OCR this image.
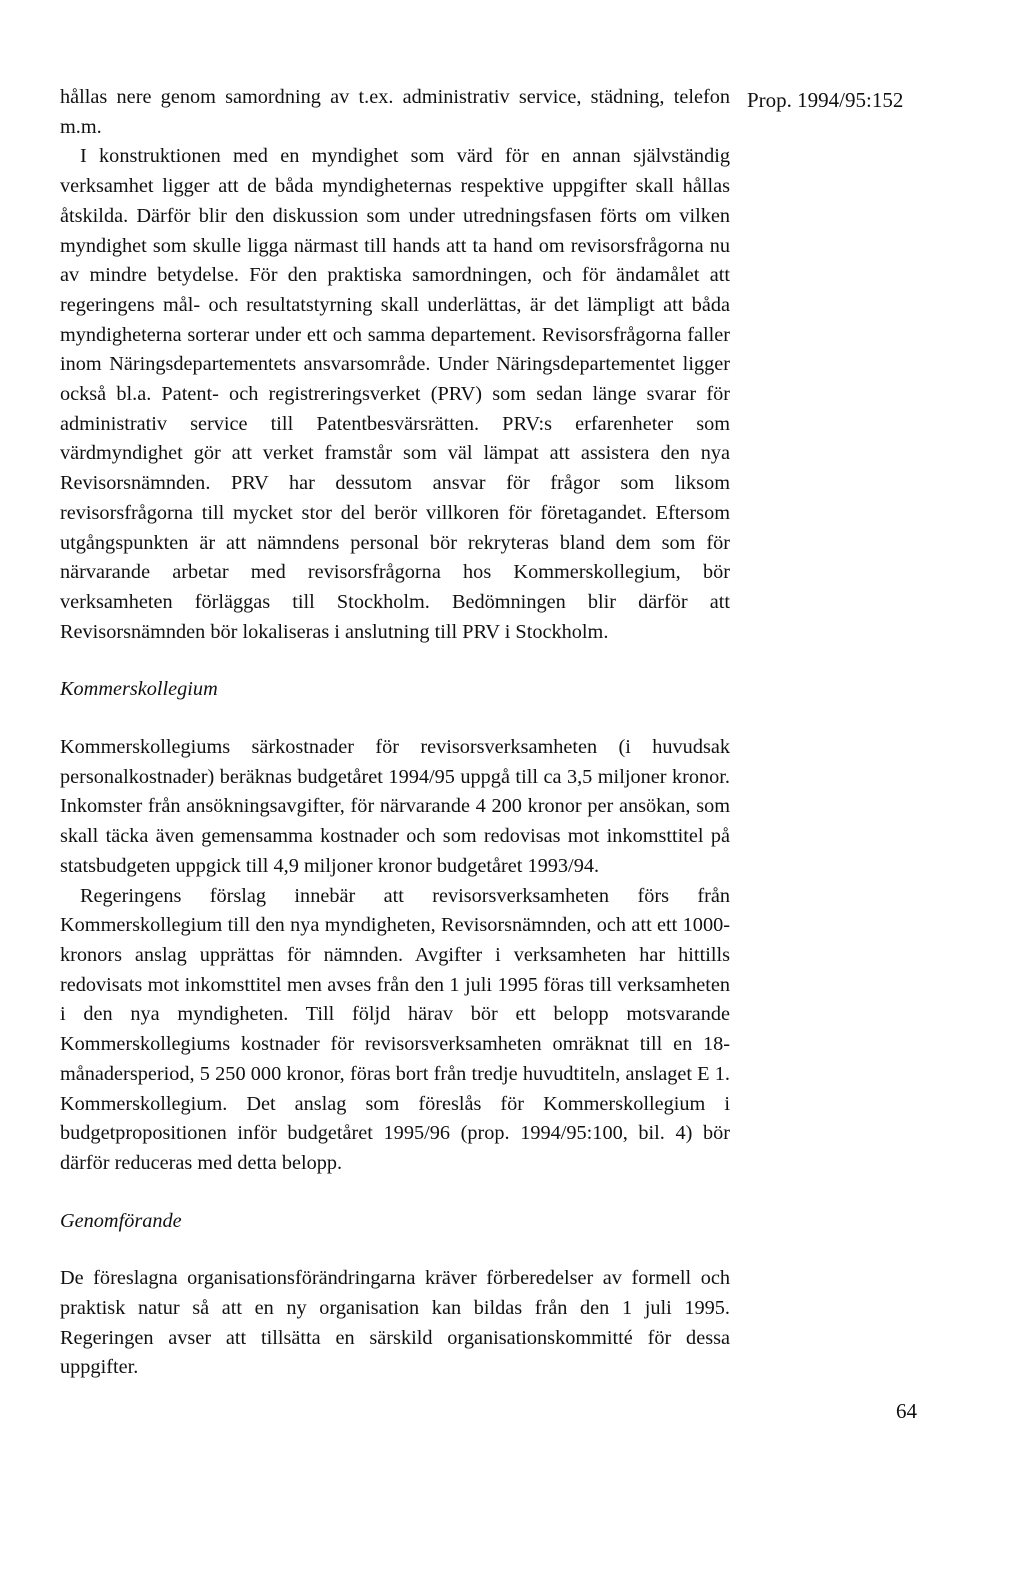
Prop. 1994/95:152

hållas nere genom samordning av t.ex. administrativ service, städning, telefon m.m.

I konstruktionen med en myndighet som värd för en annan självständig verksamhet ligger att de båda myndigheternas respektive uppgifter skall hållas åtskilda. Därför blir den diskussion som under utredningsfasen förts om vilken myndighet som skulle ligga närmast till hands att ta hand om revisorsfrågorna nu av mindre betydelse. För den praktiska samordningen, och för ändamålet att regeringens mål- och resultatstyrning skall underlättas, är det lämpligt att båda myndigheterna sorterar under ett och samma departement. Revisorsfrågorna faller inom Näringsdepartementets ansvarsområde. Under Näringsdepartementet ligger också bl.a. Patent- och registreringsverket (PRV) som sedan länge svarar för administrativ service till Patentbesvärsrätten. PRV:s erfarenheter som värdmyndighet gör att verket framstår som väl lämpat att assistera den nya Revisorsnämnden. PRV har dessutom ansvar för frågor som liksom revisorsfrågorna till mycket stor del berör villkoren för företagandet. Eftersom utgångspunkten är att nämndens personal bör rekryteras bland dem som för närvarande arbetar med revisorsfrågorna hos Kommerskollegium, bör verksamheten förläggas till Stockholm. Bedömningen blir därför att Revisorsnämnden bör lokaliseras i anslutning till PRV i Stockholm.

Kommerskollegium

Kommerskollegiums särkostnader för revisorsverksamheten (i huvudsak personalkostnader) beräknas budgetåret 1994/95 uppgå till ca 3,5 miljoner kronor. Inkomster från ansökningsavgifter, för närvarande 4 200 kronor per ansökan, som skall täcka även gemensamma kostnader och som redovisas mot inkomsttitel på statsbudgeten uppgick till 4,9 miljoner kronor budgetåret 1993/94.

Regeringens förslag innebär att revisorsverksamheten förs från Kommerskollegium till den nya myndigheten, Revisorsnämnden, och att ett 1000-kronors anslag upprättas för nämnden. Avgifter i verksamheten har hittills redovisats mot inkomsttitel men avses från den 1 juli 1995 föras till verksamheten i den nya myndigheten. Till följd härav bör ett belopp motsvarande Kommerskollegiums kostnader för revisorsverksamheten omräknat till en 18-månadersperiod, 5 250 000 kronor, föras bort från tredje huvudtiteln, anslaget E 1. Kommerskollegium. Det anslag som föreslås för Kommerskollegium i budgetpropositionen inför budgetåret 1995/96 (prop. 1994/95:100, bil. 4) bör därför reduceras med detta belopp.

Genomförande

De föreslagna organisationsförändringarna kräver förberedelser av formell och praktisk natur så att en ny organisation kan bildas från den 1 juli 1995. Regeringen avser att tillsätta en särskild organisationskommitté för dessa uppgifter.

64
